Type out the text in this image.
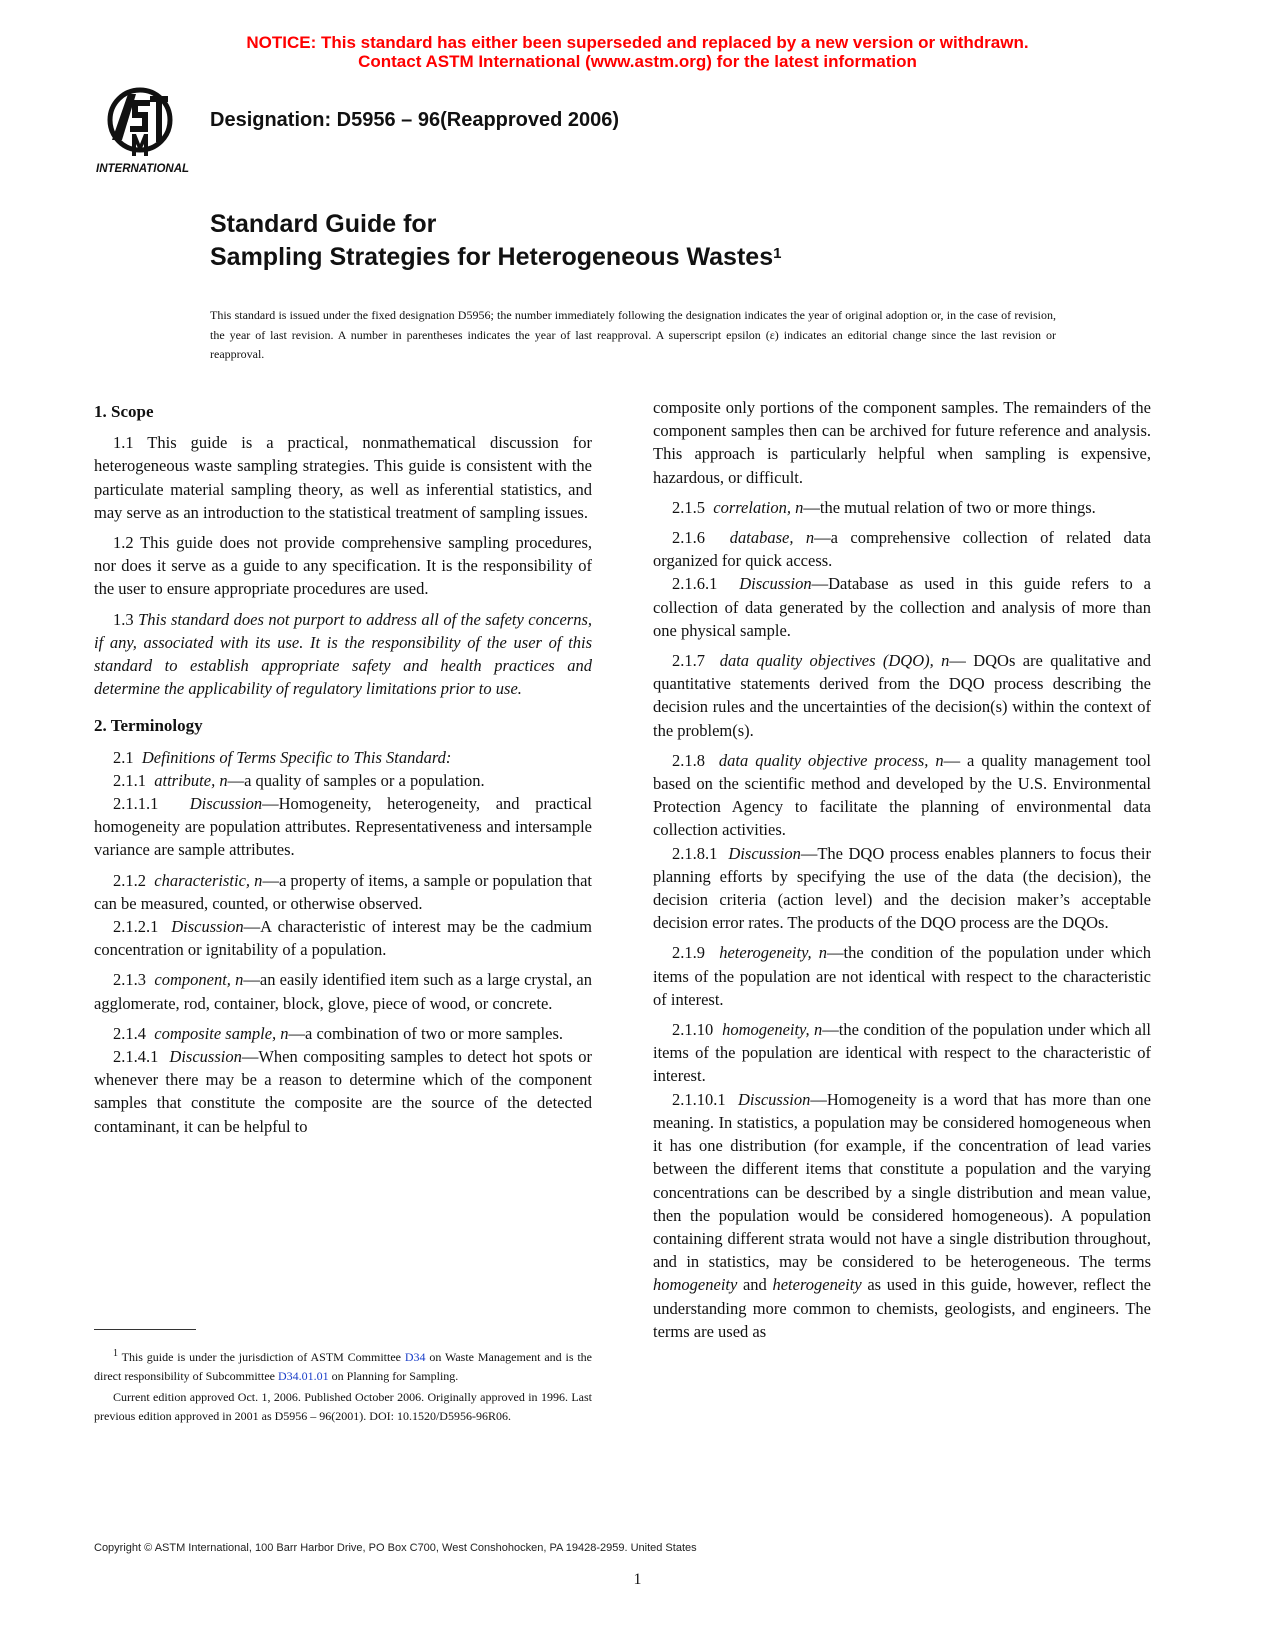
NOTICE: This standard has either been superseded and replaced by a new version or withdrawn.
Contact ASTM International (www.astm.org) for the latest information
INTERNATIONAL
Designation: D5956 – 96(Reapproved 2006)
Standard Guide for
Sampling Strategies for Heterogeneous Wastes$^1$
This standard is issued under the fixed designation D5956; the number immediately following the designation indicates the year of original adoption or, in the case of revision, the year of last revision. A number in parentheses indicates the year of last reapproval. A superscript epsilon (ε) indicates an editorial change since the last revision or reapproval.
1. Scope

1.1 This guide is a practical, nonmathematical discussion for heterogeneous waste sampling strategies. This guide is consistent with the particulate material sampling theory, as well as inferential statistics, and may serve as an introduction to the statistical treatment of sampling issues.

1.2 This guide does not provide comprehensive sampling procedures, nor does it serve as a guide to any specification. It is the responsibility of the user to ensure appropriate procedures are used.

1.3 This standard does not purport to address all of the safety concerns, if any, associated with its use. It is the responsibility of the user of this standard to establish appropriate safety and health practices and determine the applicability of regulatory limitations prior to use.

2. Terminology

2.1 Definitions of Terms Specific to This Standard:

2.1.1 attribute, n—a quality of samples or a population.

2.1.1.1 Discussion—Homogeneity, heterogeneity, and practical homogeneity are population attributes. Representativeness and intersample variance are sample attributes.

2.1.2 characteristic, n—a property of items, a sample or population that can be measured, counted, or otherwise observed.

2.1.2.1 Discussion—A characteristic of interest may be the cadmium concentration or ignitability of a population.

2.1.3 component, n—an easily identified item such as a large crystal, an agglomerate, rod, container, block, glove, piece of wood, or concrete.

2.1.4 composite sample, n—a combination of two or more samples.

2.1.4.1 Discussion—When compositing samples to detect hot spots or whenever there may be a reason to determine which of the component samples that constitute the composite are the source of the detected contaminant, it can be helpful to

$^1$ This guide is under the jurisdiction of ASTM Committee D34 on Waste Management and is the direct responsibility of Subcommittee D34.01.01 on Planning for Sampling.

Current edition approved Oct. 1, 2006. Published October 2006. Originally approved in 1996. Last previous edition approved in 2001 as D5956 – 96(2001). DOI: 10.1520/D5956-96R06.

composite only portions of the component samples. The remainders of the component samples then can be archived for future reference and analysis. This approach is particularly helpful when sampling is expensive, hazardous, or difficult.

2.1.5 correlation, n—the mutual relation of two or more things.

2.1.6 database, n—a comprehensive collection of related data organized for quick access.

2.1.6.1 Discussion—Database as used in this guide refers to a collection of data generated by the collection and analysis of more than one physical sample.

2.1.7 data quality objectives (DQO), n— DQOs are qualitative and quantitative statements derived from the DQO process describing the decision rules and the uncertainties of the decision(s) within the context of the problem(s).

2.1.8 data quality objective process, n— a quality management tool based on the scientific method and developed by the U.S. Environmental Protection Agency to facilitate the planning of environmental data collection activities.

2.1.8.1 Discussion—The DQO process enables planners to focus their planning efforts by specifying the use of the data (the decision), the decision criteria (action level) and the decision maker’s acceptable decision error rates. The products of the DQO process are the DQOs.

2.1.9 heterogeneity, n—the condition of the population under which items of the population are not identical with respect to the characteristic of interest.

2.1.10 homogeneity, n—the condition of the population under which all items of the population are identical with respect to the characteristic of interest.

2.1.10.1 Discussion—Homogeneity is a word that has more than one meaning. In statistics, a population may be considered homogeneous when it has one distribution (for example, if the concentration of lead varies between the different items that constitute a population and the varying concentrations can be described by a single distribution and mean value, then the population would be considered homogeneous). A population containing different strata would not have a single distribution throughout, and in statistics, may be considered to be heterogeneous. The terms homogeneity and heterogeneity as used in this guide, however, reflect the understanding more common to chemists, geologists, and engineers. The terms are used as

Copyright © ASTM International, 100 Barr Harbor Drive, PO Box C700, West Conshohocken, PA 19428-2959. United States
1
